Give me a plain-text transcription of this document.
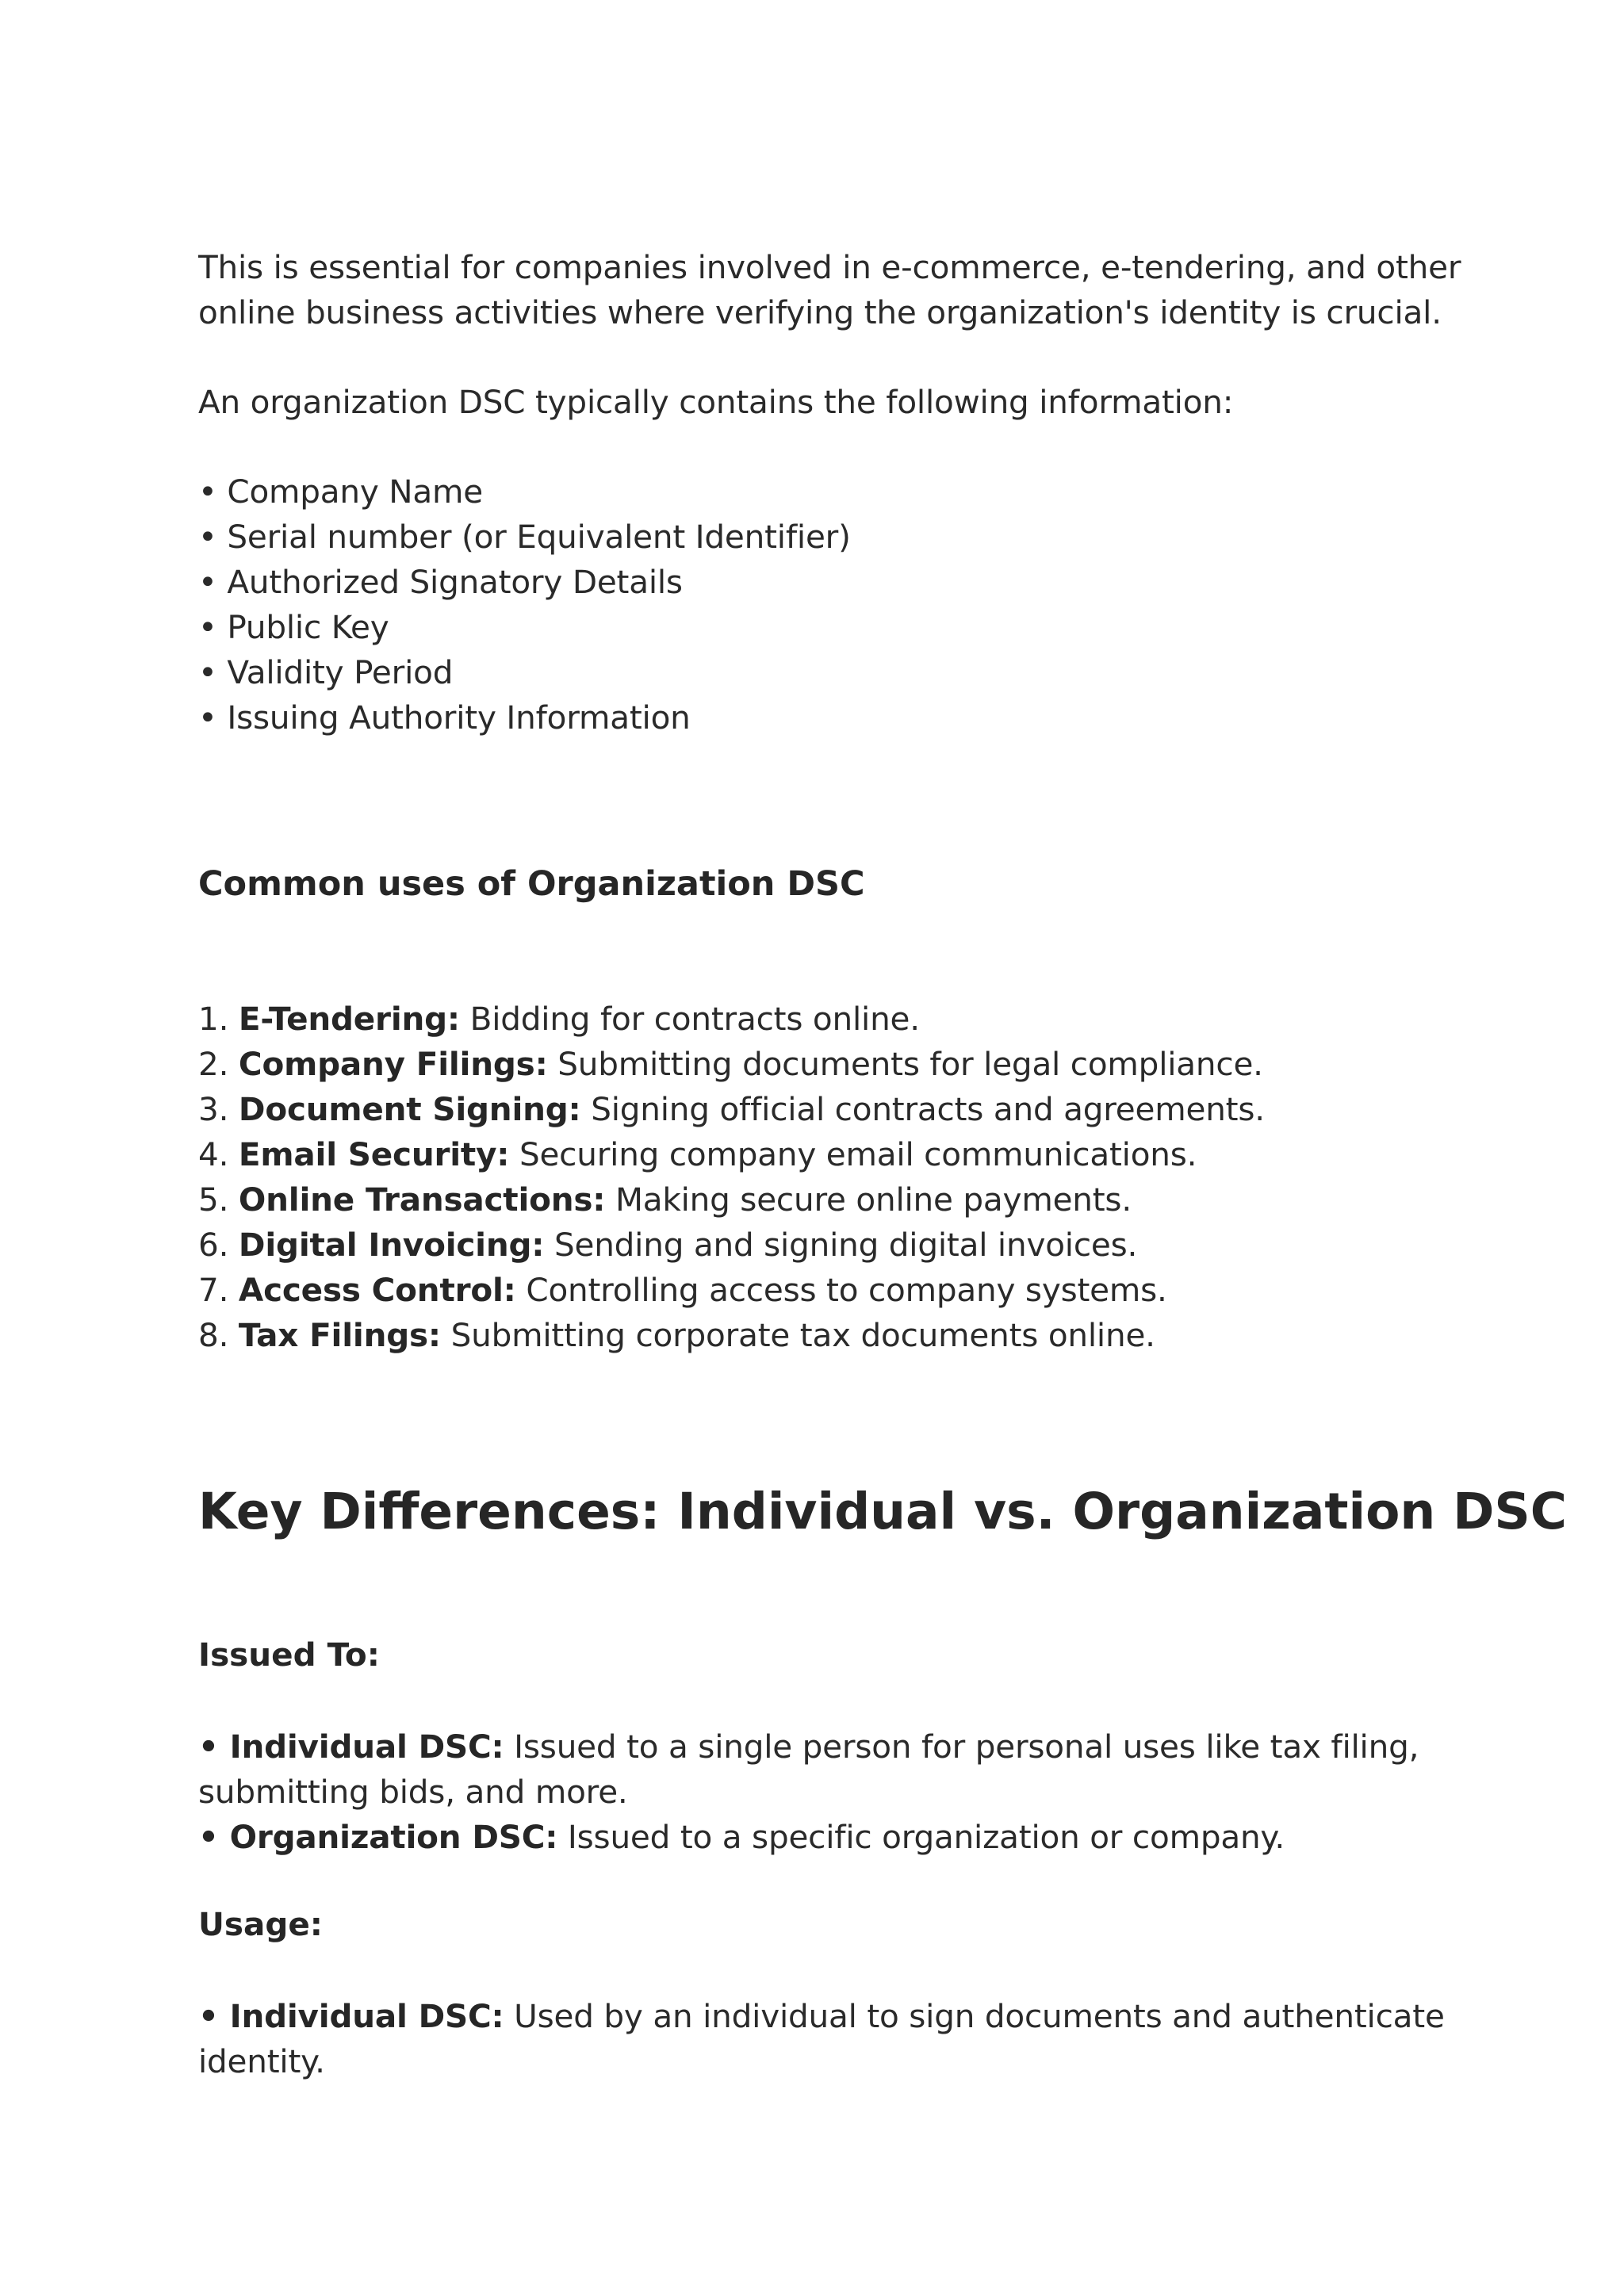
This is essential for companies involved in e-commerce, e-tendering, and other
online business activities where verifying the organization's identity is crucial.
An organization DSC typically contains the following information:
• Company Name
• Serial number (or Equivalent Identifier)
• Authorized Signatory Details
• Public Key
• Validity Period
• Issuing Authority Information
Common uses of Organization DSC
1. E-Tendering: Bidding for contracts online.
2. Company Filings: Submitting documents for legal compliance.
3. Document Signing: Signing official contracts and agreements.
4. Email Security: Securing company email communications.
5. Online Transactions: Making secure online payments.
6. Digital Invoicing: Sending and signing digital invoices.
7. Access Control: Controlling access to company systems.
8. Tax Filings: Submitting corporate tax documents online.
Key Differences: Individual vs. Organization DSC
Issued To:
• Individual DSC: Issued to a single person for personal uses like tax filing,
submitting bids, and more.
• Organization DSC: Issued to a specific organization or company.
Usage:
• Individual DSC: Used by an individual to sign documents and authenticate
identity.
